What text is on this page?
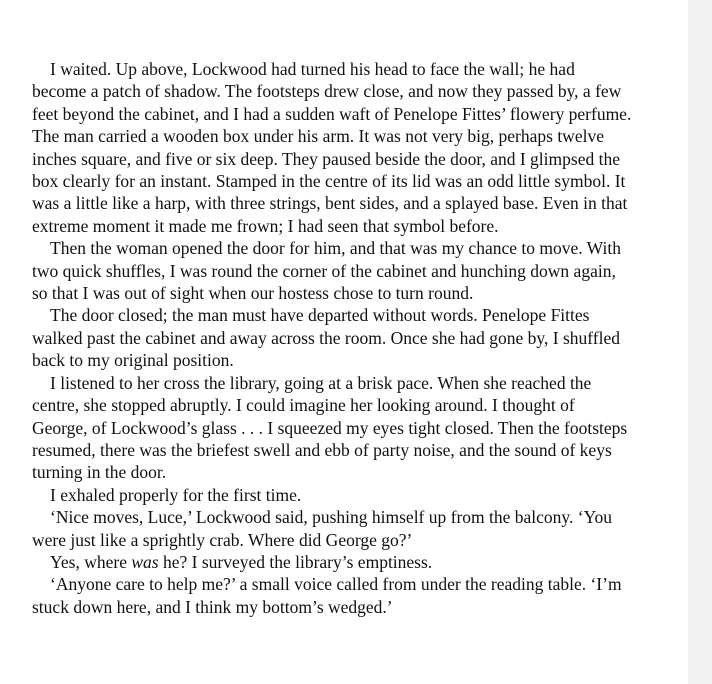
I waited. Up above, Lockwood had turned his head to face the wall; he had become a patch of shadow. The footsteps drew close, and now they passed by, a few feet beyond the cabinet, and I had a sudden waft of Penelope Fittes’ flowery perfume. The man carried a wooden box under his arm. It was not very big, perhaps twelve inches square, and five or six deep. They paused beside the door, and I glimpsed the box clearly for an instant. Stamped in the centre of its lid was an odd little symbol. It was a little like a harp, with three strings, bent sides, and a splayed base. Even in that extreme moment it made me frown; I had seen that symbol before.

Then the woman opened the door for him, and that was my chance to move. With two quick shuffles, I was round the corner of the cabinet and hunching down again, so that I was out of sight when our hostess chose to turn round.

The door closed; the man must have departed without words. Penelope Fittes walked past the cabinet and away across the room. Once she had gone by, I shuffled back to my original position.

I listened to her cross the library, going at a brisk pace. When she reached the centre, she stopped abruptly. I could imagine her looking around. I thought of George, of Lockwood’s glass . . . I squeezed my eyes tight closed. Then the footsteps resumed, there was the briefest swell and ebb of party noise, and the sound of keys turning in the door.

I exhaled properly for the first time.

‘Nice moves, Luce,’ Lockwood said, pushing himself up from the balcony. ‘You were just like a sprightly crab. Where did George go?’

Yes, where was he? I surveyed the library’s emptiness.

‘Anyone care to help me?’ a small voice called from under the reading table. ‘I’m stuck down here, and I think my bottom’s wedged.’
